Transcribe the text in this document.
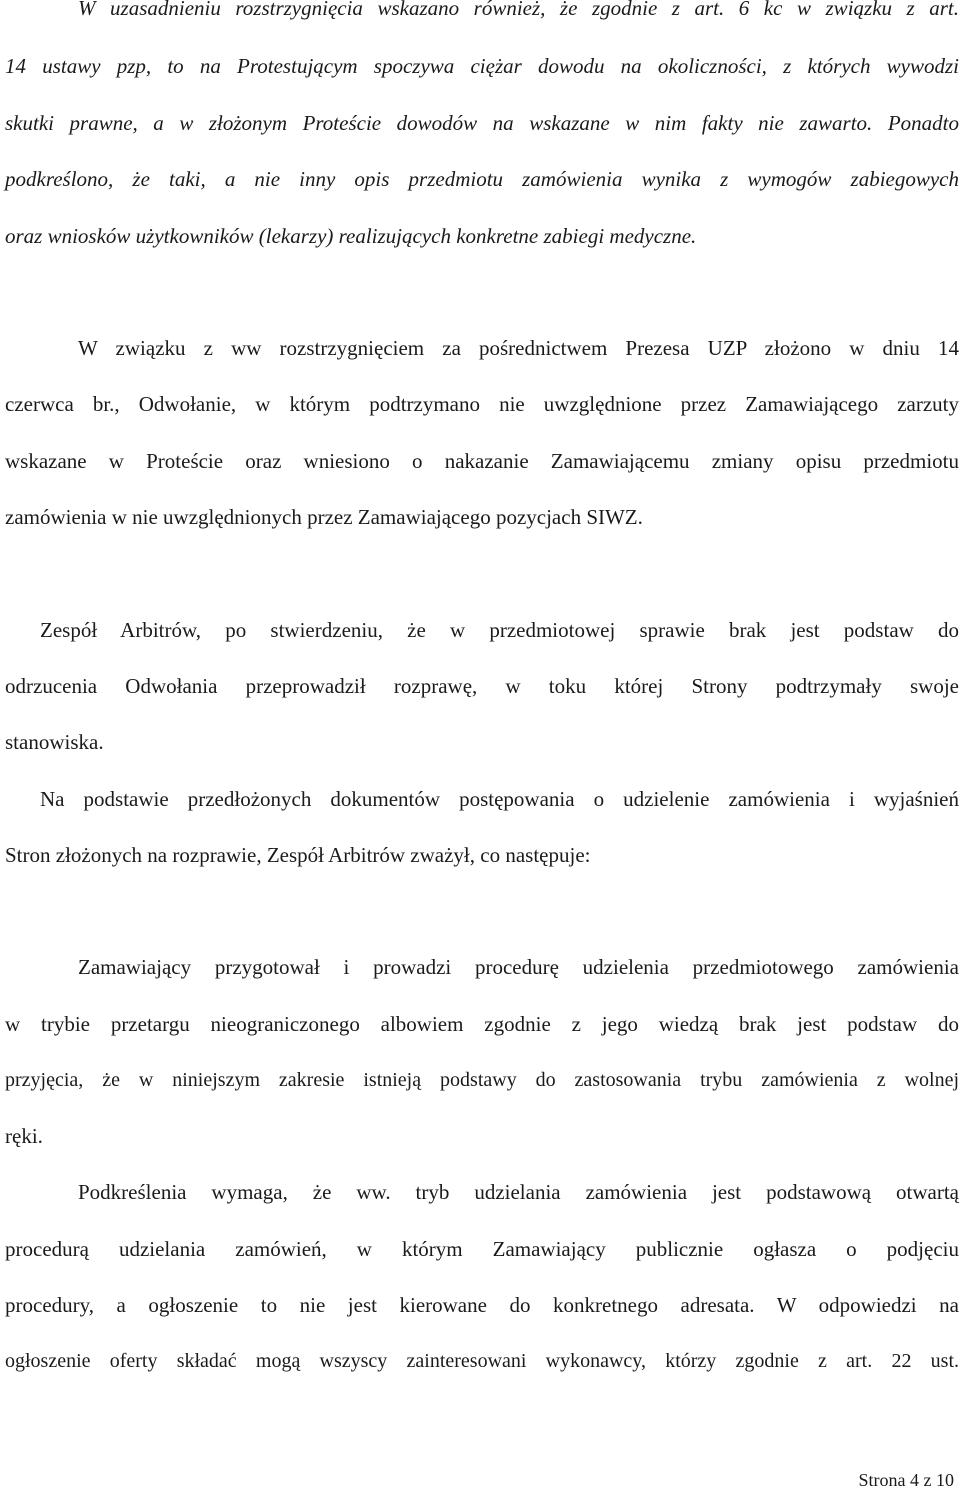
W uzasadnieniu rozstrzygnięcia wskazano również, że zgodnie z art. 6 kc w związku z art.
14 ustawy pzp, to na Protestującym spoczywa ciężar dowodu na okoliczności, z których wywodzi
skutki prawne, a w złożonym Proteście dowodów na wskazane w nim fakty nie zawarto. Ponadto
podkreślono, że taki, a nie inny opis przedmiotu zamówienia wynika z wymogów zabiegowych
oraz wniosków użytkowników (lekarzy) realizujących konkretne zabiegi medyczne.
W związku z ww rozstrzygnięciem za pośrednictwem Prezesa UZP złożono w dniu 14
czerwca br., Odwołanie, w którym podtrzymano nie uwzględnione przez Zamawiającego zarzuty
wskazane w Proteście oraz wniesiono o nakazanie Zamawiającemu zmiany opisu przedmiotu
zamówienia w nie uwzględnionych przez Zamawiającego pozycjach SIWZ.
Zespół Arbitrów, po stwierdzeniu, że w przedmiotowej sprawie brak jest podstaw do
odrzucenia Odwołania przeprowadził rozprawę, w toku której Strony podtrzymały swoje
stanowiska.
Na podstawie przedłożonych dokumentów postępowania o udzielenie zamówienia i wyjaśnień
Stron złożonych na rozprawie, Zespół Arbitrów zważył, co następuje:
Zamawiający przygotował i prowadzi procedurę udzielenia przedmiotowego zamówienia
w trybie przetargu nieograniczonego albowiem zgodnie z jego wiedzą brak jest podstaw do
przyjęcia, że w niniejszym zakresie istnieją podstawy do zastosowania trybu zamówienia z wolnej
ręki.
Podkreślenia wymaga, że ww. tryb udzielania zamówienia jest podstawową otwartą
procedurą udzielania zamówień, w którym Zamawiający publicznie ogłasza o podjęciu
procedury, a ogłoszenie to nie jest kierowane do konkretnego adresata. W odpowiedzi na
ogłoszenie oferty składać mogą wszyscy zainteresowani wykonawcy, którzy zgodnie z art. 22 ust.
Strona 4 z 10
